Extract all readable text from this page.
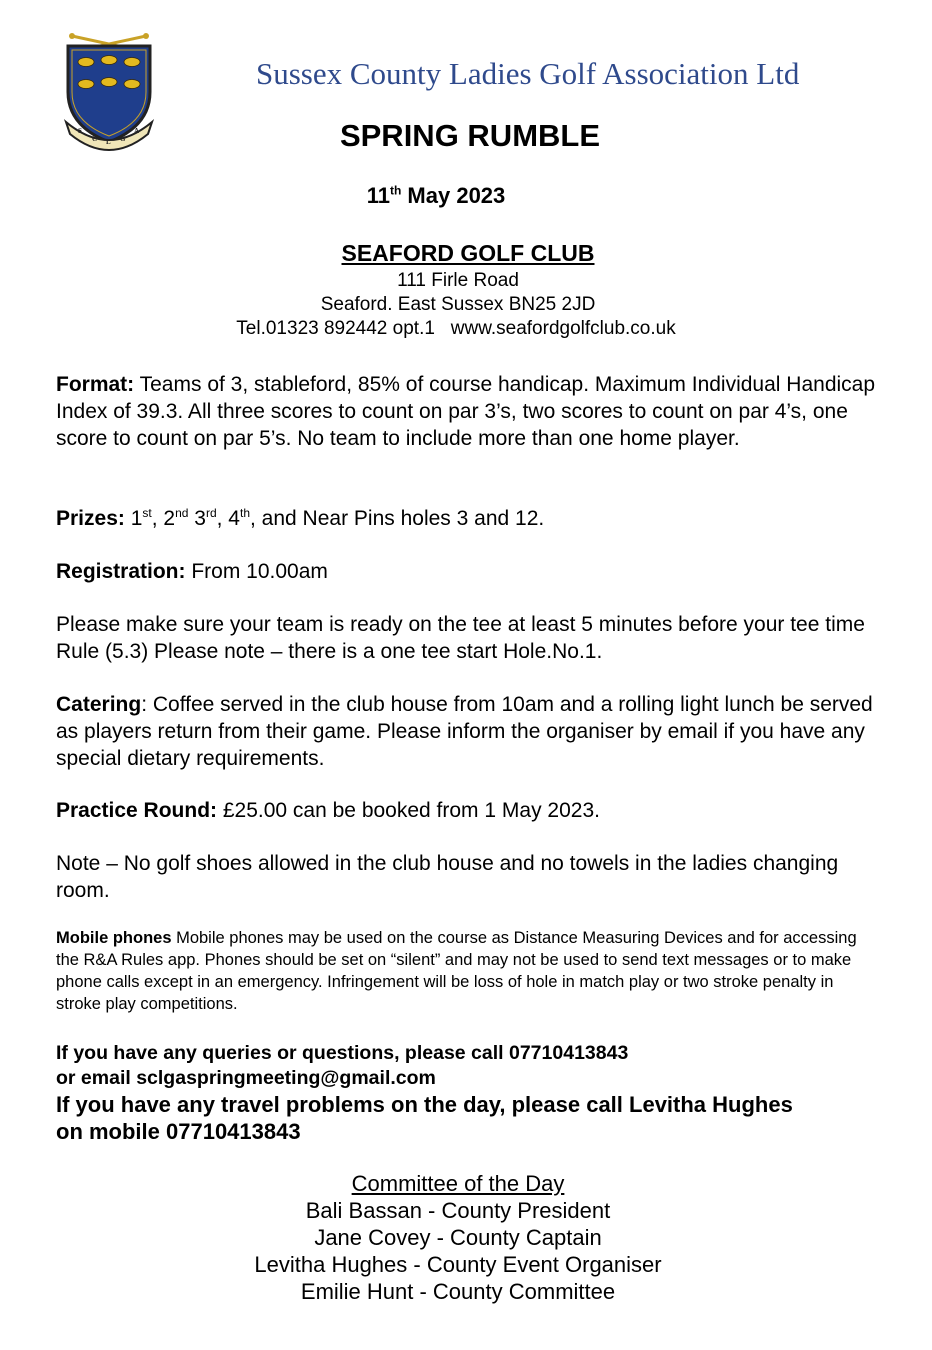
S
C L G
A
Sussex County Ladies Golf Association Ltd
SPRING RUMBLE
11th May 2023
SEAFORD GOLF CLUB
111 Firle Road
Seaford. East Sussex BN25 2JD
Tel.01323 892442 opt.1   www.seafordgolfclub.co.uk
Format: Teams of 3, stableford, 85% of course handicap. Maximum Individual Handicap Index of 39.3. All three scores to count on par 3’s, two scores to count on par 4’s, one score to count on par 5’s. No team to include more than one home player.
Prizes: 1st, 2nd 3rd, 4th, and Near Pins holes 3 and 12.
Registration: From 10.00am
Please make sure your team is ready on the tee at least 5 minutes before your tee time Rule (5.3) Please note – there is a one tee start Hole.No.1.
Catering: Coffee served in the club house from 10am and a rolling light lunch be served as players return from their game. Please inform the organiser by email if you have any special dietary requirements.
Practice Round: £25.00 can be booked from 1 May 2023.
Note – No golf shoes allowed in the club house and no towels in the ladies changing room.
Mobile phones Mobile phones may be used on the course as Distance Measuring Devices and for accessing the R&A Rules app. Phones should be set on “silent” and may not be used to send text messages or to make phone calls except in an emergency. Infringement will be loss of hole in match play or two stroke penalty in stroke play competitions.
If you have any queries or questions, please call 07710413843
or email sclgaspringmeeting@gmail.com
If you have any travel problems on the day, please call Levitha Hughes
on mobile 07710413843
Committee of the Day
Bali Bassan - County President
Jane Covey - County Captain
Levitha Hughes - County Event Organiser
Emilie Hunt - County Committee
